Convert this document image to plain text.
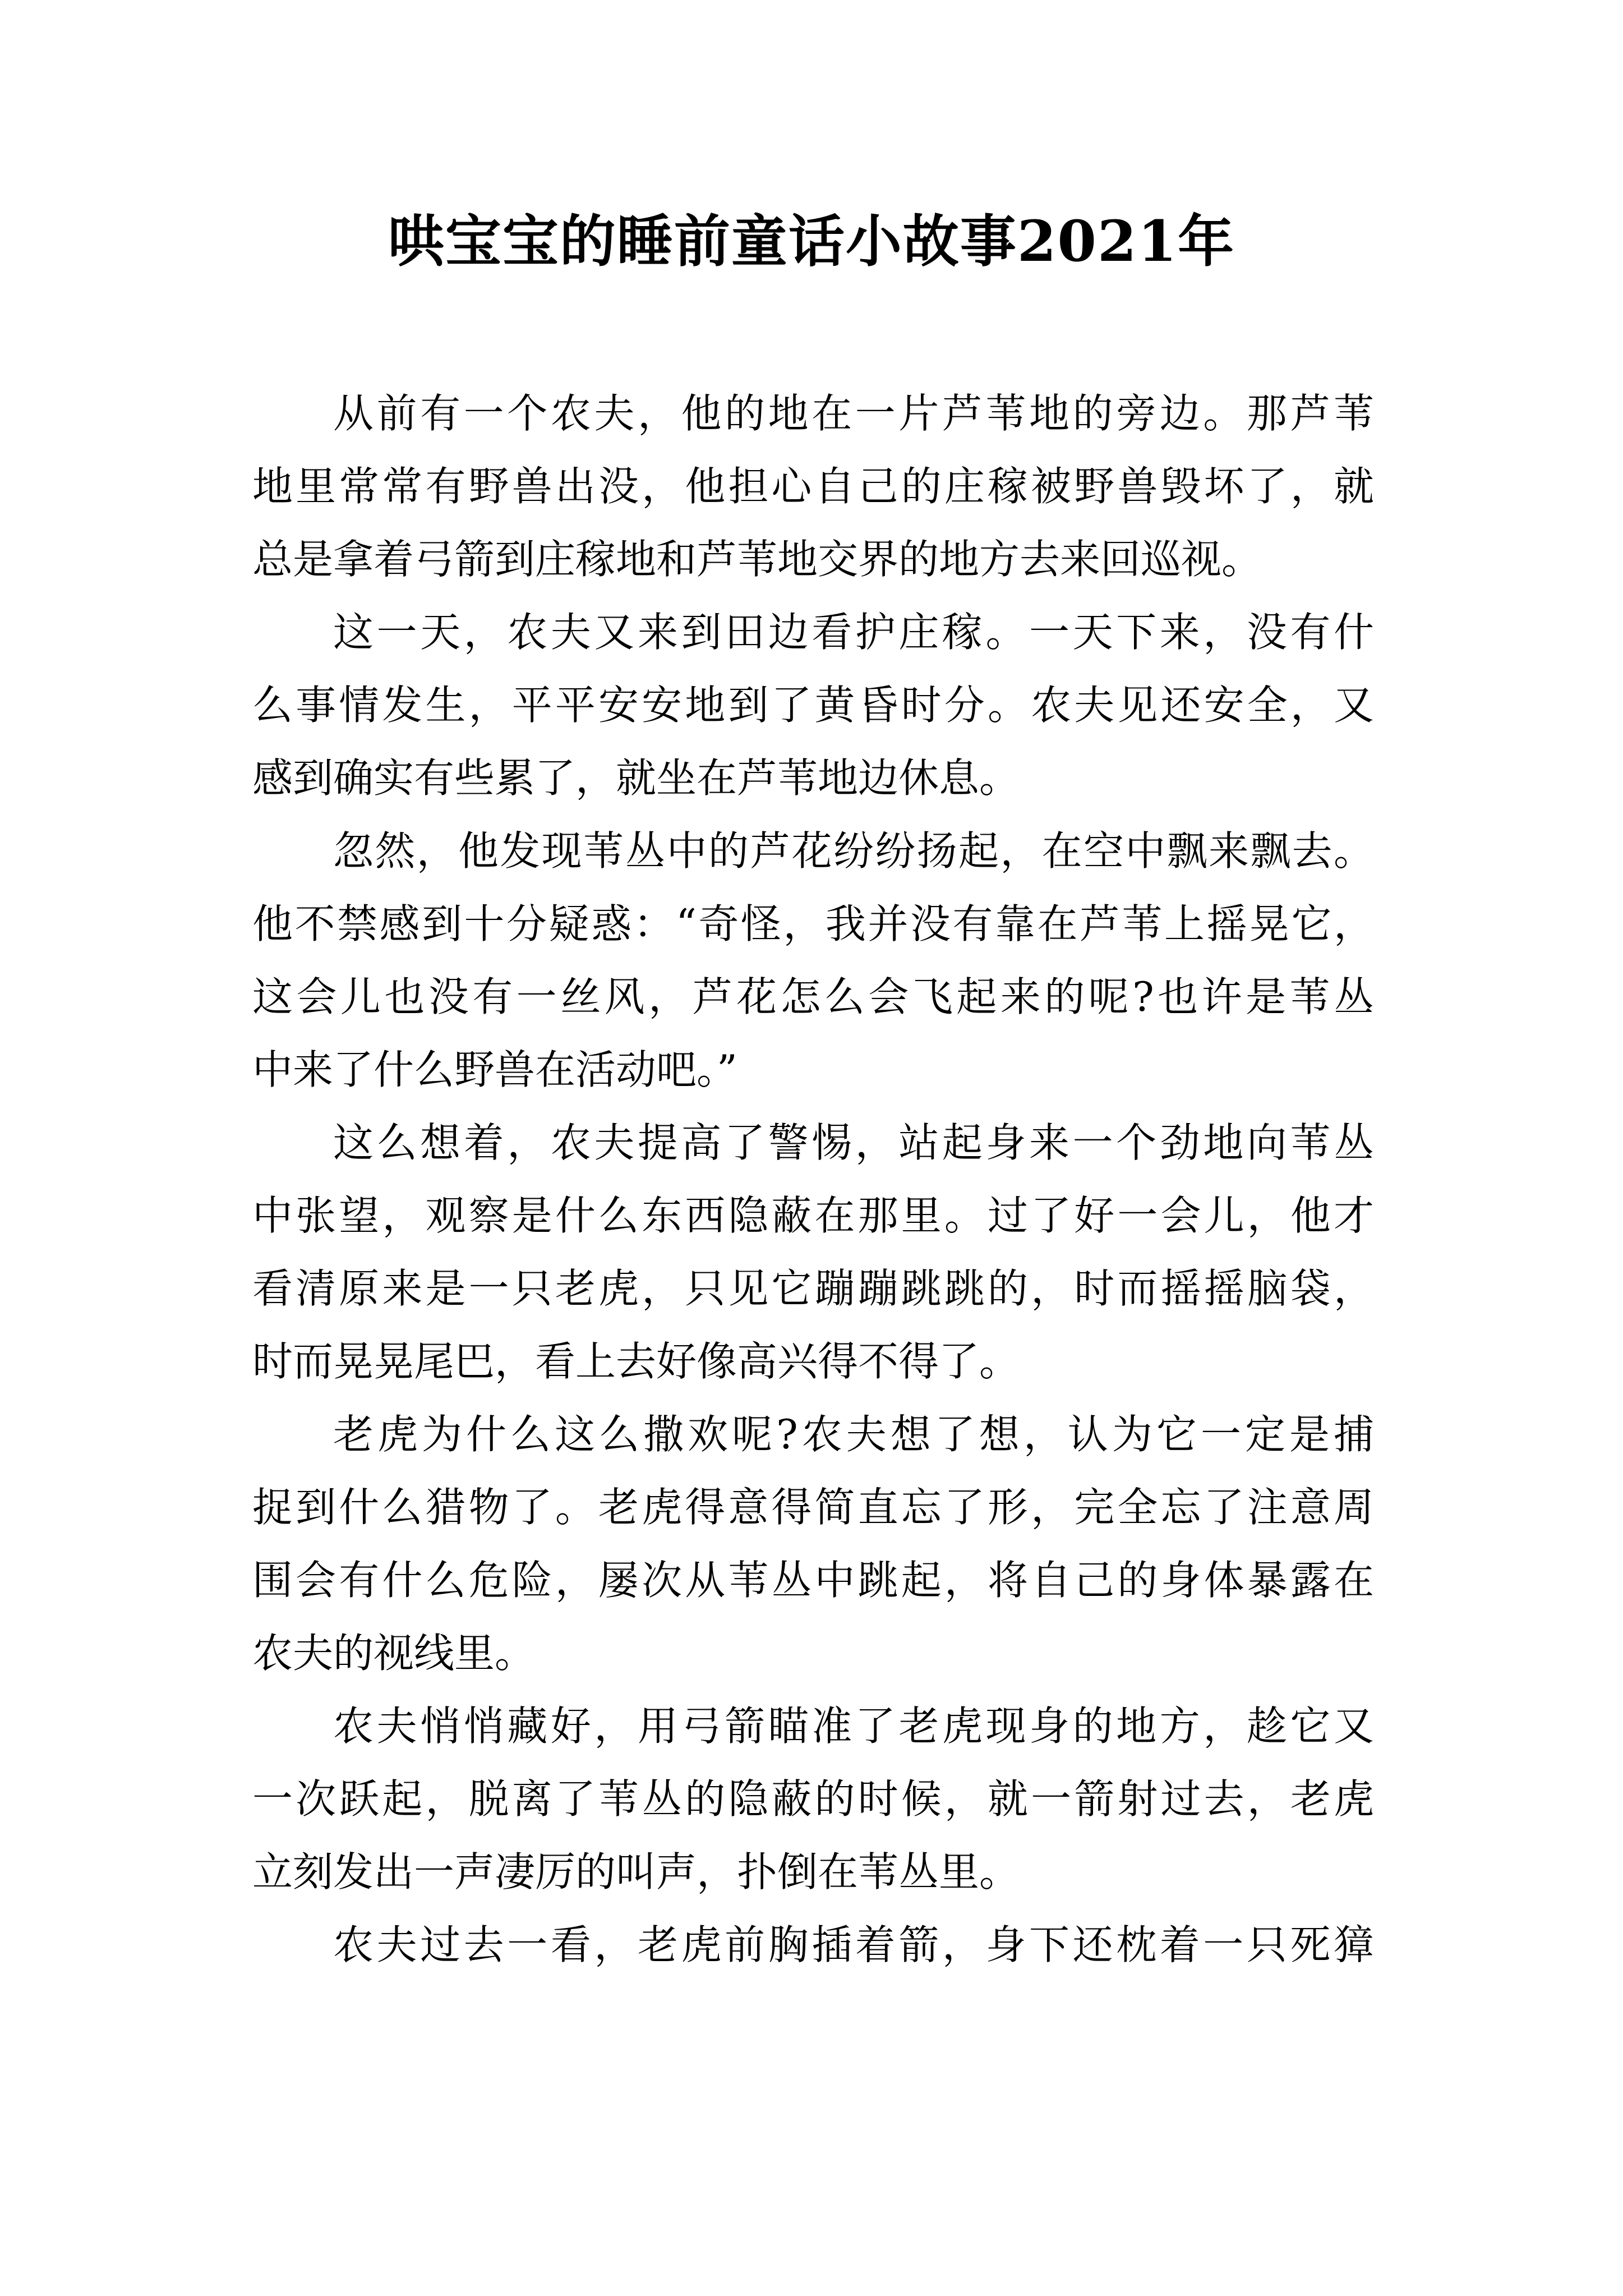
哄宝宝的睡前童话小故事2021年
从前有一个农夫，他的地在一片芦苇地的旁边。那芦苇
地里常常有野兽出没，他担心自己的庄稼被野兽毁坏了，就
总是拿着弓箭到庄稼地和芦苇地交界的地方去来回巡视。
这一天，农夫又来到田边看护庄稼。一天下来，没有什
么事情发生，平平安安地到了黄昏时分。农夫见还安全，又
感到确实有些累了，就坐在芦苇地边休息。
忽然，他发现苇丛中的芦花纷纷扬起，在空中飘来飘去。
他不禁感到十分疑惑：“奇怪，我并没有靠在芦苇上摇晃它，
这会儿也没有一丝风，芦花怎么会飞起来的呢?也许是苇丛
中来了什么野兽在活动吧。”
这么想着，农夫提高了警惕，站起身来一个劲地向苇丛
中张望，观察是什么东西隐蔽在那里。过了好一会儿，他才
看清原来是一只老虎，只见它蹦蹦跳跳的，时而摇摇脑袋，
时而晃晃尾巴，看上去好像高兴得不得了。
老虎为什么这么撒欢呢?农夫想了想，认为它一定是捕
捉到什么猎物了。老虎得意得简直忘了形，完全忘了注意周
围会有什么危险，屡次从苇丛中跳起，将自己的身体暴露在
农夫的视线里。
农夫悄悄藏好，用弓箭瞄准了老虎现身的地方，趁它又
一次跃起，脱离了苇丛的隐蔽的时候，就一箭射过去，老虎
立刻发出一声凄厉的叫声，扑倒在苇丛里。
农夫过去一看，老虎前胸插着箭，身下还枕着一只死獐
